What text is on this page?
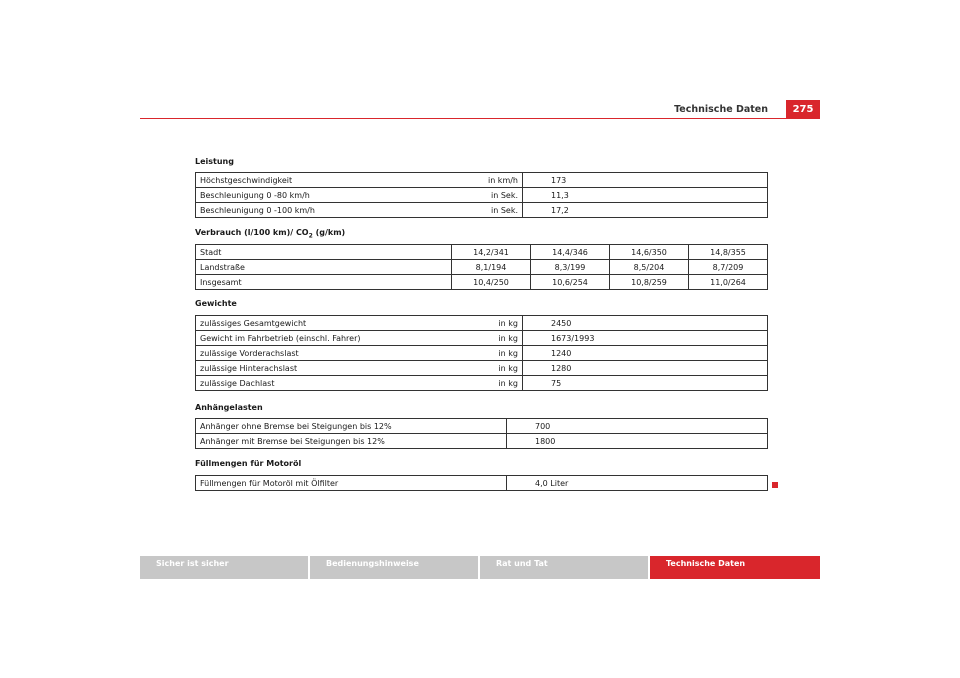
Technische Daten	275
Leistung
Höchstgeschwindigkeit	in km/h	173
Beschleunigung 0 -80 km/h	in Sek.	11,3
Beschleunigung 0 -100 km/h	in Sek.	17,2
Verbrauch (l/100 km)/ $CO_2$ (g/km)
Stadt	14,2/341	14,4/346	14,6/350	14,8/355
Landstraße	8,1/194	8,3/199	8,5/204	8,7/209
Insgesamt	10,4/250	10,6/254	10,8/259	11,0/264
Gewichte
zulässiges Gesamtgewicht	in kg	2450
Gewicht im Fahrbetrieb (einschl. Fahrer)	in kg	1673/1993
zulässige Vorderachslast	in kg	1240
zulässige Hinterachslast	in kg	1280
zulässige Dachlast	in kg	75
Anhängelasten
Anhänger ohne Bremse bei Steigungen bis 12%	700
Anhänger mit Bremse bei Steigungen bis 12%	1800
Füllmengen für Motoröl
Füllmengen für Motoröl mit Ölfilter	4,0 Liter
Sicher ist sicher	Bedienungshinweise	Rat und Tat	Technische Daten
